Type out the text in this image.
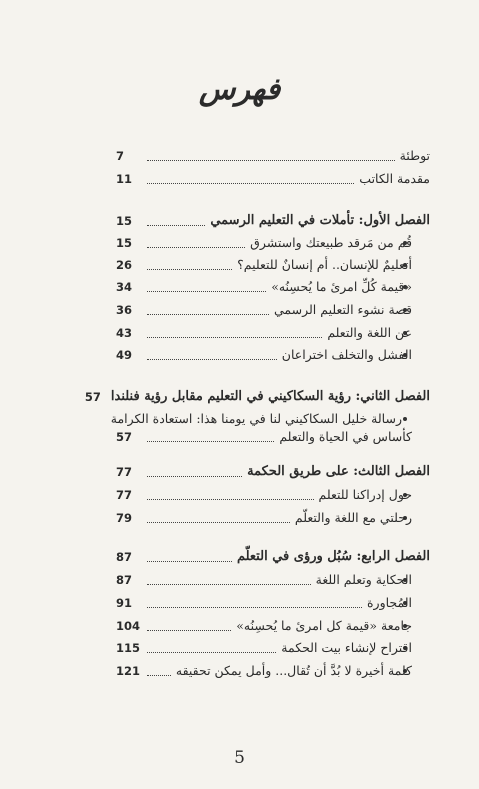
فهرس
توطئة
7
مقدمة الكاتب
11
الفصل الأول: تأملات في التعليم الرسمي
15
قُم من مَرقد طبيعتك واستشرق
15
أتعليمٌ للإنسان.. أم إنسانٌ للتعليم؟
26
«قيمة كُلِّ امرئ ما يُحسِنُه»
34
قصة نشوء التعليم الرسمي
36
عن اللغة والتعلم
43
الفشل والتخلف اختراعان
49
الفصل الثاني: رؤية السكاكيني في التعليم مقابل رؤية فنلندا
57
رسالة خليل السكاكيني لنا في يومنا هذا: استعادة الكرامة
كأساس في الحياة والتعلم
57
الفصل الثالث: على طريق الحكمة
77
حول إدراكنا للتعلم
77
رحلتي مع اللغة والتعلّم
79
الفصل الرابع: سُبُل ورؤى في التعلّم
87
الحكاية وتعلم اللغة
87
المُجاورة
91
جامعة «قيمة كل امرئ ما يُحسِنُه»
104
اقتراح لإنشاء بيت الحكمة
115
كلمة أخيرة لا بُدَّ أن تُقال... وأمل يمكن تحقيقه
121
5
